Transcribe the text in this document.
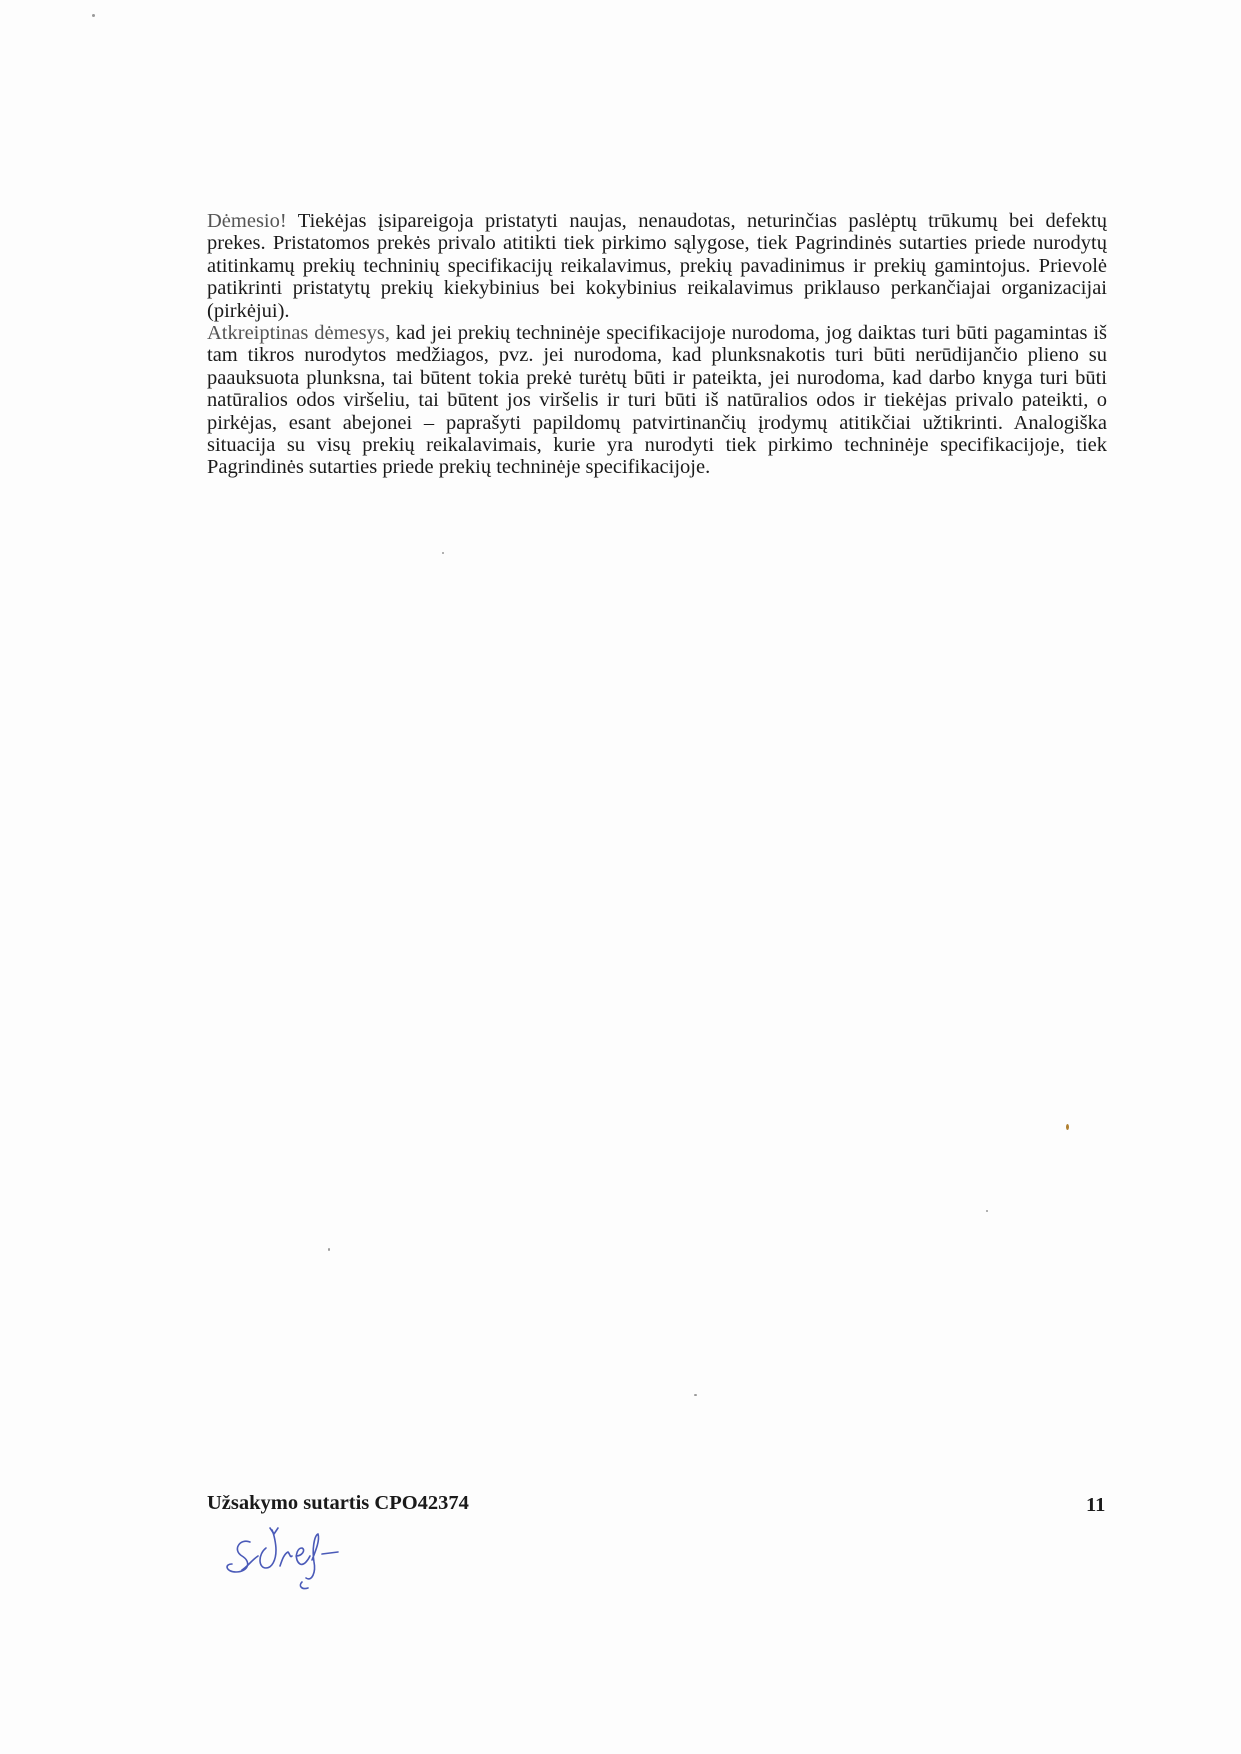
Dėmesio! Tiekėjas įsipareigoja pristatyti naujas, nenaudotas, neturinčias paslėptų trūkumų bei defektų prekes. Pristatomos prekės privalo atitikti tiek pirkimo sąlygose, tiek Pagrindinės sutarties priede nurodytų atitinkamų prekių techninių specifikacijų reikalavimus, prekių pavadinimus ir prekių gamintojus. Prievolė patikrinti pristatytų prekių kiekybinius bei kokybinius reikalavimus priklauso perkančiajai organizacijai (pirkėjui).

Atkreiptinas dėmesys, kad jei prekių techninėje specifikacijoje nurodoma, jog daiktas turi būti pagamintas iš tam tikros nurodytos medžiagos, pvz. jei nurodoma, kad plunksnakotis turi būti nerūdijančio plieno su paauksuota plunksna, tai būtent tokia prekė turėtų būti ir pateikta, jei nurodoma, kad darbo knyga turi būti natūralios odos viršeliu, tai būtent jos viršelis ir turi būti iš natūralios odos ir tiekėjas privalo pateikti, o pirkėjas, esant abejonei – paprašyti papildomų patvirtinančių įrodymų atitikčiai užtikrinti. Analogiška situacija su visų prekių reikalavimais, kurie yra nurodyti tiek pirkimo techninėje specifikacijoje, tiek Pagrindinės sutarties priede prekių techninėje specifikacijoje.

Užsakymo sutartis CPO42374	11
